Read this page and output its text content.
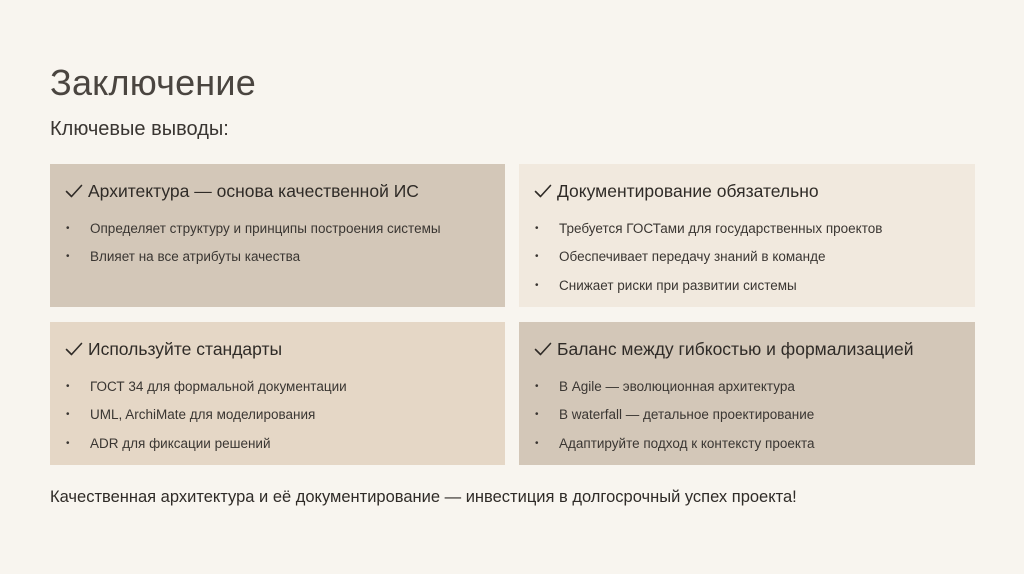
Заключение
Ключевые выводы:
Архитектура — основа качественной ИС
•	Определяет структуру и принципы построения системы
•	Влияет на все атрибуты качества
Документирование обязательно
•	Требуется ГОСТами для государственных проектов
•	Обеспечивает передачу знаний в команде
•	Снижает риски при развитии системы
Используйте стандарты
•	ГОСТ 34 для формальной документации
•	UML, ArchiMate для моделирования
•	ADR для фиксации решений
Баланс между гибкостью и формализацией
•	В Agile — эволюционная архитектура
•	В waterfall — детальное проектирование
•	Адаптируйте подход к контексту проекта

Качественная архитектура и её документирование — инвестиция в долгосрочный успех проекта!
